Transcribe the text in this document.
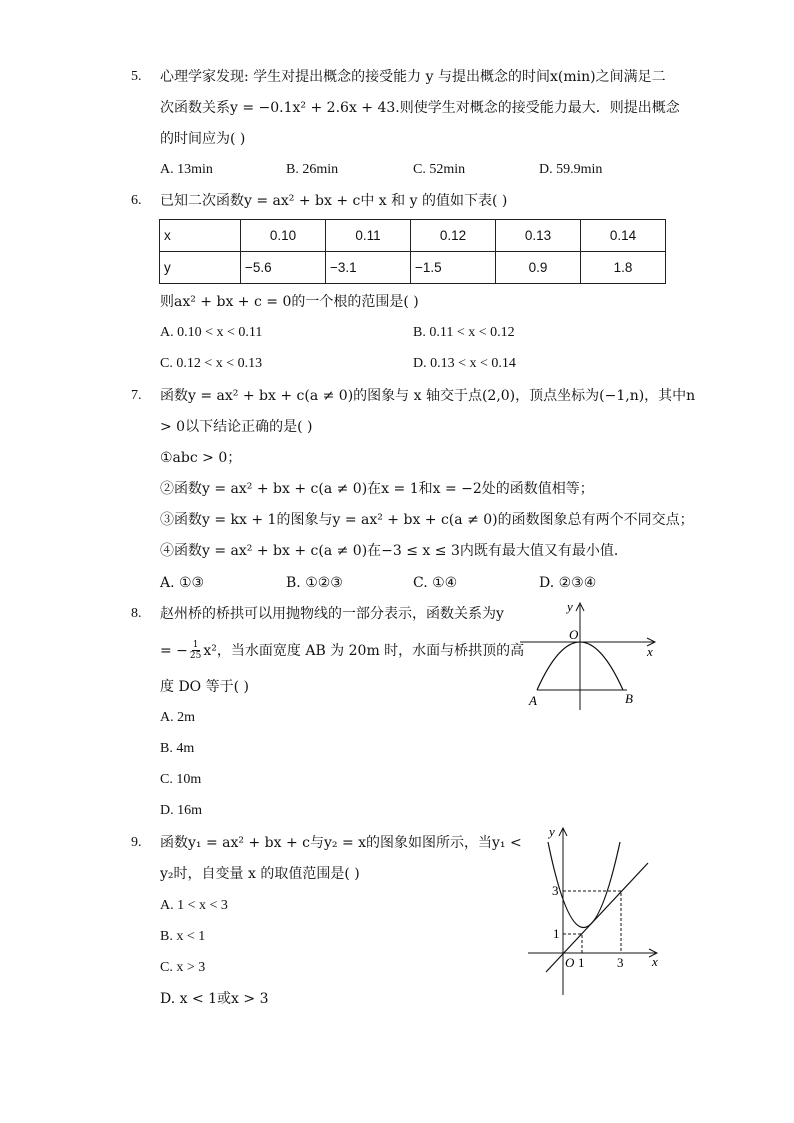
5. 心理学家发现: 学生对提出概念的接受能力 y 与提出概念的时间x(min)之间满足二
次函数关系y = −0.1x² + 2.6x + 43.则使学生对概念的接受能力最大．则提出概念
的时间应为( )
A. 13min	B. 26min	C. 52min	D. 59.9min
6. 已知二次函数y = ax² + bx + c中 x 和 y 的值如下表( )
x	0.10	0.11	0.12	0.13	0.14
y	−5.6	−3.1	−1.5	0.9	1.8
则ax² + bx + c = 0的一个根的范围是( )
A. 0.10 < x < 0.11	B. 0.11 < x < 0.12
C. 0.12 < x < 0.13	D. 0.13 < x < 0.14
7. 函数y = ax² + bx + c(a ≠ 0)的图象与 x 轴交于点(2,0)，顶点坐标为(−1,n)，其中n
> 0以下结论正确的是( )
①abc > 0；
②函数y = ax² + bx + c(a ≠ 0)在x = 1和x = −2处的函数值相等；
③函数y = kx + 1的图象与y = ax² + bx + c(a ≠ 0)的函数图象总有两个不同交点；
④函数y = ax² + bx + c(a ≠ 0)在−3 ≤ x ≤ 3内既有最大值又有最小值．
A. ①③	B. ①②③	C. ①④	D. ②③④
8. 赵州桥的桥拱可以用抛物线的一部分表示，函数关系为y
= − $\frac{1}{25} x^2$，当水面宽度 AB 为 20m 时，水面与桥拱顶的高
度 DO 等于( )
A. 2m
B. 4m
C. 10m
D. 16m
y
x
O
A	B
9. 函数y₁ = ax² + bx + c与y₂ = x的图象如图所示，当y₁ <
y₂时，自变量 x 的取值范围是( )
A. 1 < x < 3
B. x < 1
C. x > 3
D. x < 1或x > 3
y
x
O 1	3
1
3
